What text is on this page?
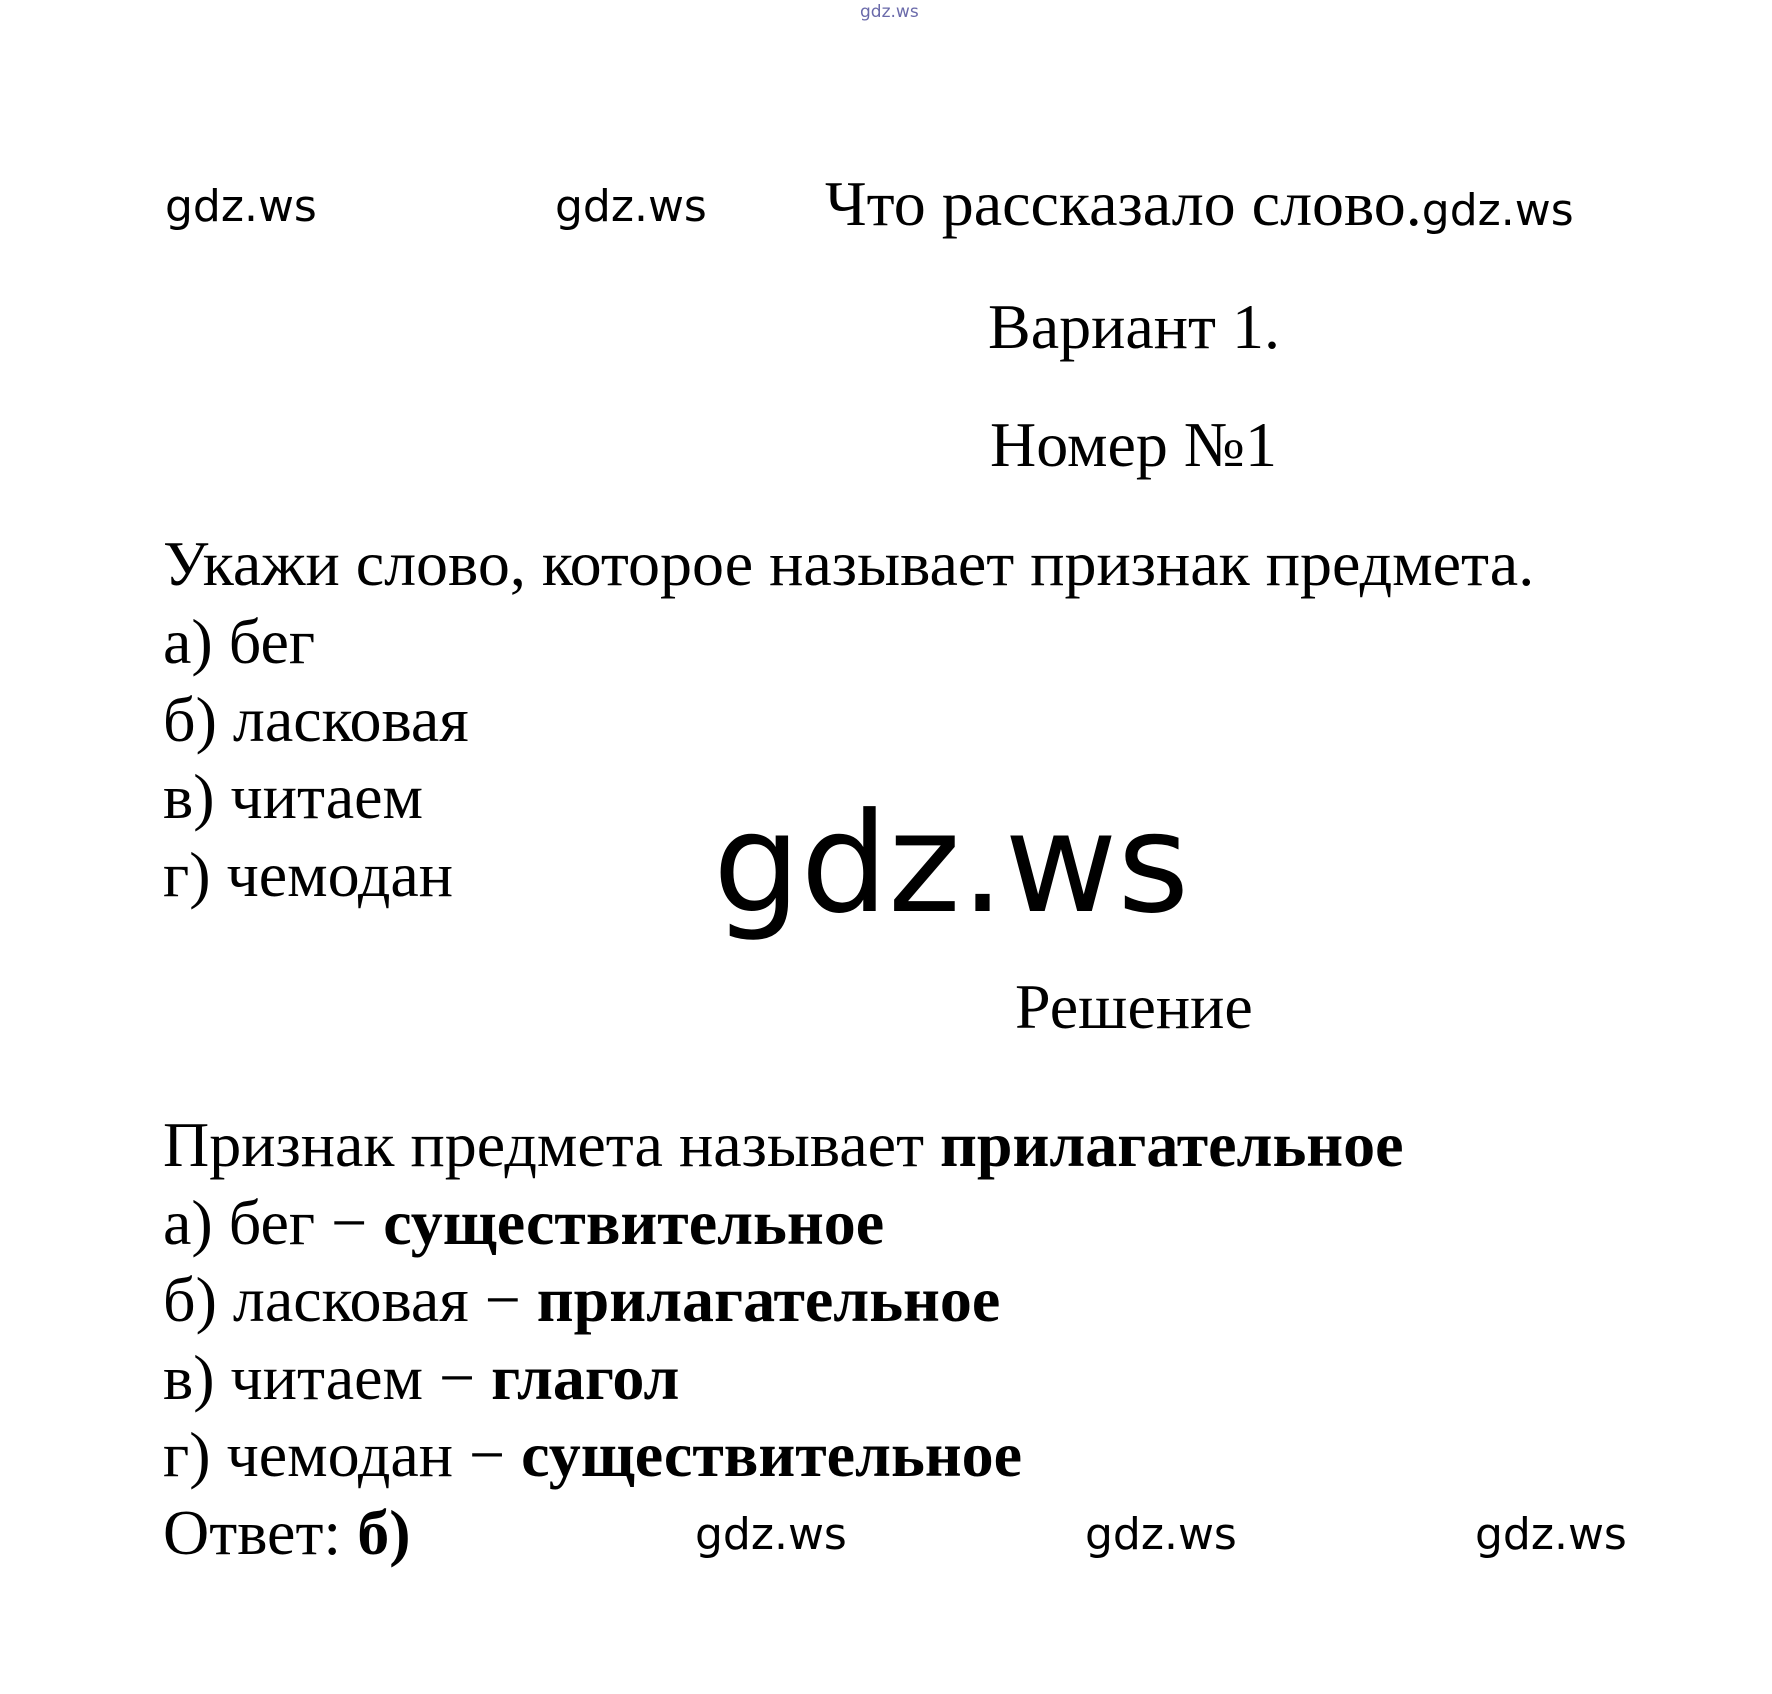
gdz.ws
gdz.ws	gdz.ws
gdz.ws
gdz.ws	gdz.ws	gdz.ws
Что рассказало слово.gdz.ws
Вариант 1.
Номер №1
Укажи слово, которое называет признак предмета.
а) бег
б) ласковая
в) читаем
г) чемодан
Решение
Признак предмета называет прилагательное
а) бег − существительное
б) ласковая − прилагательное
в) читаем − глагол
г) чемодан − существительное
Ответ: б)
